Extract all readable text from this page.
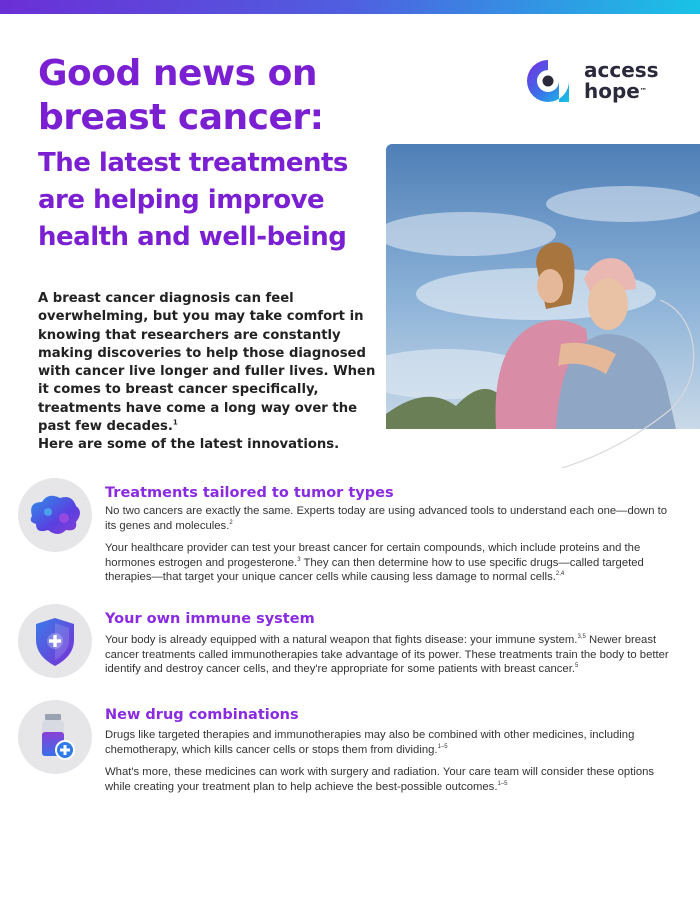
Good news on
breast cancer:
The latest treatments
are helping improve
health and well-being
access
hope™

A breast cancer diagnosis can feel overwhelming, but you may take comfort in knowing that researchers are constantly making discoveries to help those diagnosed with cancer live longer and fuller lives. When it comes to breast cancer specifically, treatments have come a long way over the past few decades.$^1$
Here are some of the latest innovations.

Treatments tailored to tumor types

No two cancers are exactly the same. Experts today are using advanced tools to understand each one—down to its genes and molecules.$^2$

Your healthcare provider can test your breast cancer for certain compounds, which include proteins and the hormones estrogen and progesterone.$^3$ They can then determine how to use specific drugs—called targeted therapies—that target your unique cancer cells while causing less damage to normal cells.$^{2,4}$

Your own immune system

Your body is already equipped with a natural weapon that fights disease: your immune system.$^{3,5}$ Newer breast cancer treatments called immunotherapies take advantage of its power. These treatments train the body to better identify and destroy cancer cells, and they're appropriate for some patients with breast cancer.$^5$

New drug combinations

Drugs like targeted therapies and immunotherapies may also be combined with other medicines, including chemotherapy, which kills cancer cells or stops them from dividing.$^{1-5}$

What's more, these medicines can work with surgery and radiation. Your care team will consider these options while creating your treatment plan to help achieve the best-possible outcomes.$^{1-5}$
